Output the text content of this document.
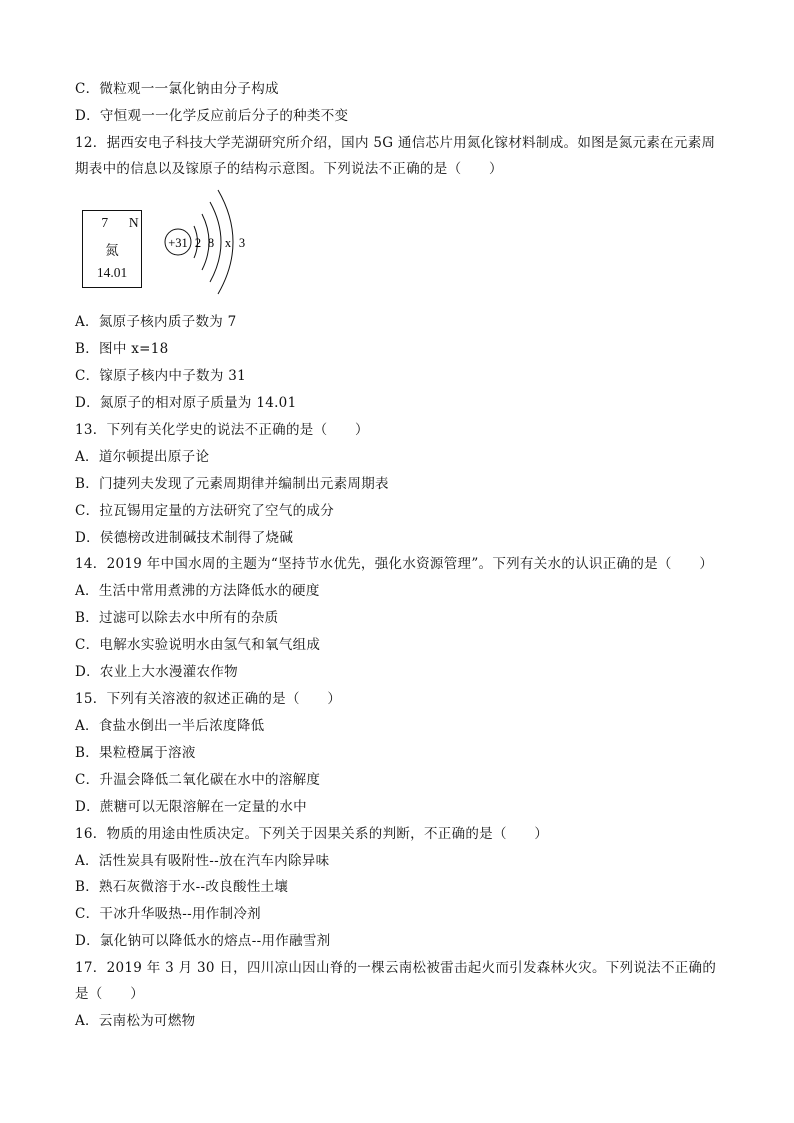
C．微粒观一一氯化钠由分子构成
D．守恒观一一化学反应前后分子的种类不变
12．据西安电子科技大学芜湖研究所介绍，国内 5G 通信芯片用氮化镓材料制成。如图是氮元素在元素周
期表中的信息以及镓原子的结构示意图。下列说法不正确的是（　　）
7 N
氮
14.01
+31 2 8 x 3
A．氮原子核内质子数为 7
B．图中 x=18
C．镓原子核内中子数为 31
D．氮原子的相对原子质量为 14.01
13．下列有关化学史的说法不正确的是（　　）
A．道尔顿提出原子论
B．门捷列夫发现了元素周期律并编制出元素周期表
C．拉瓦锡用定量的方法研究了空气的成分
D．侯德榜改进制碱技术制得了烧碱
14．2019 年中国水周的主题为“坚持节水优先，强化水资源管理”。下列有关水的认识正确的是（　　）
A．生活中常用煮沸的方法降低水的硬度
B．过滤可以除去水中所有的杂质
C．电解水实验说明水由氢气和氧气组成
D．农业上大水漫灌农作物
15．下列有关溶液的叙述正确的是（　　）
A．食盐水倒出一半后浓度降低
B．果粒橙属于溶液
C．升温会降低二氧化碳在水中的溶解度
D．蔗糖可以无限溶解在一定量的水中
16．物质的用途由性质决定。下列关于因果关系的判断，不正确的是（　　）
A．活性炭具有吸附性--放在汽车内除异味
B．熟石灰微溶于水--改良酸性土壤
C．干冰升华吸热--用作制冷剂
D．氯化钠可以降低水的熔点--用作融雪剂
17．2019 年 3 月 30 日，四川凉山因山脊的一棵云南松被雷击起火而引发森林火灾。下列说法不正确的
是（　　）
A．云南松为可燃物
